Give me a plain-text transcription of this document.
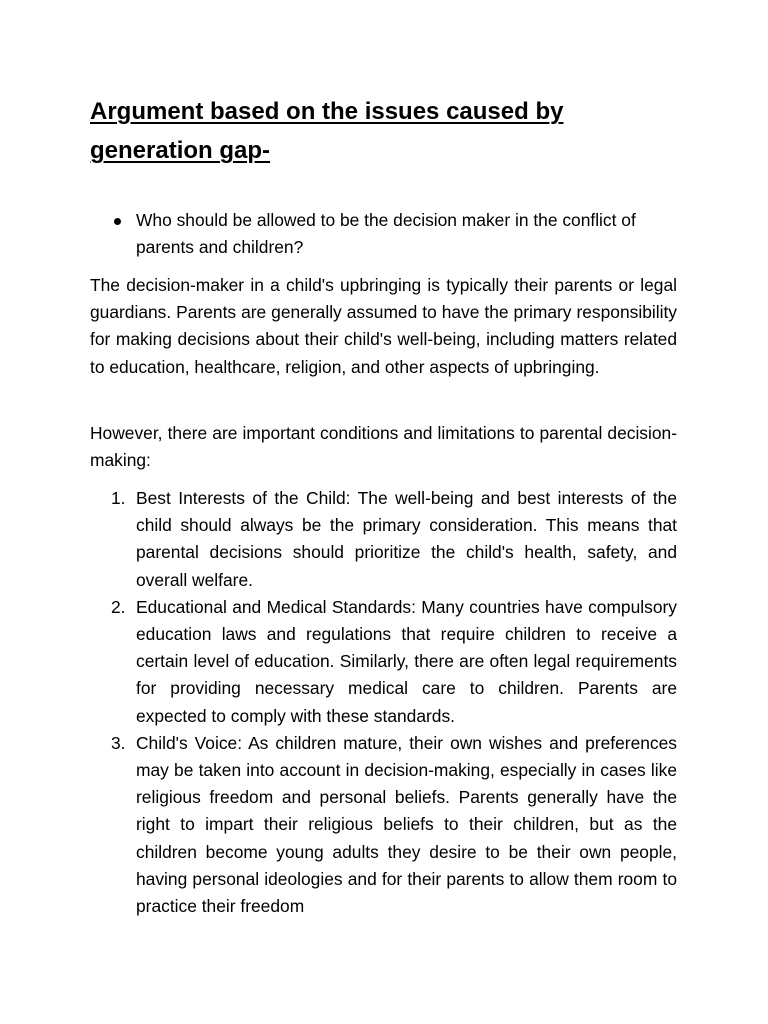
Argument based on the issues caused by generation gap-
Who should be allowed to be the decision maker in the conflict of parents and children?

The decision-maker in a child's upbringing is typically their parents or legal guardians. Parents are generally assumed to have the primary responsibility for making decisions about their child's well-being, including matters related to education, healthcare, religion, and other aspects of upbringing.

However, there are important conditions and limitations to parental decision-making:

1. Best Interests of the Child: The well-being and best interests of the child should always be the primary consideration. This means that parental decisions should prioritize the child's health, safety, and overall welfare.
2. Educational and Medical Standards: Many countries have compulsory education laws and regulations that require children to receive a certain level of education. Similarly, there are often legal requirements for providing necessary medical care to children. Parents are expected to comply with these standards.
3. Child's Voice: As children mature, their own wishes and preferences may be taken into account in decision-making, especially in cases like religious freedom and personal beliefs. Parents generally have the right to impart their religious beliefs to their children, but as the children become young adults they desire to be their own people, having personal ideologies and for their parents to allow them room to practice their freedom
